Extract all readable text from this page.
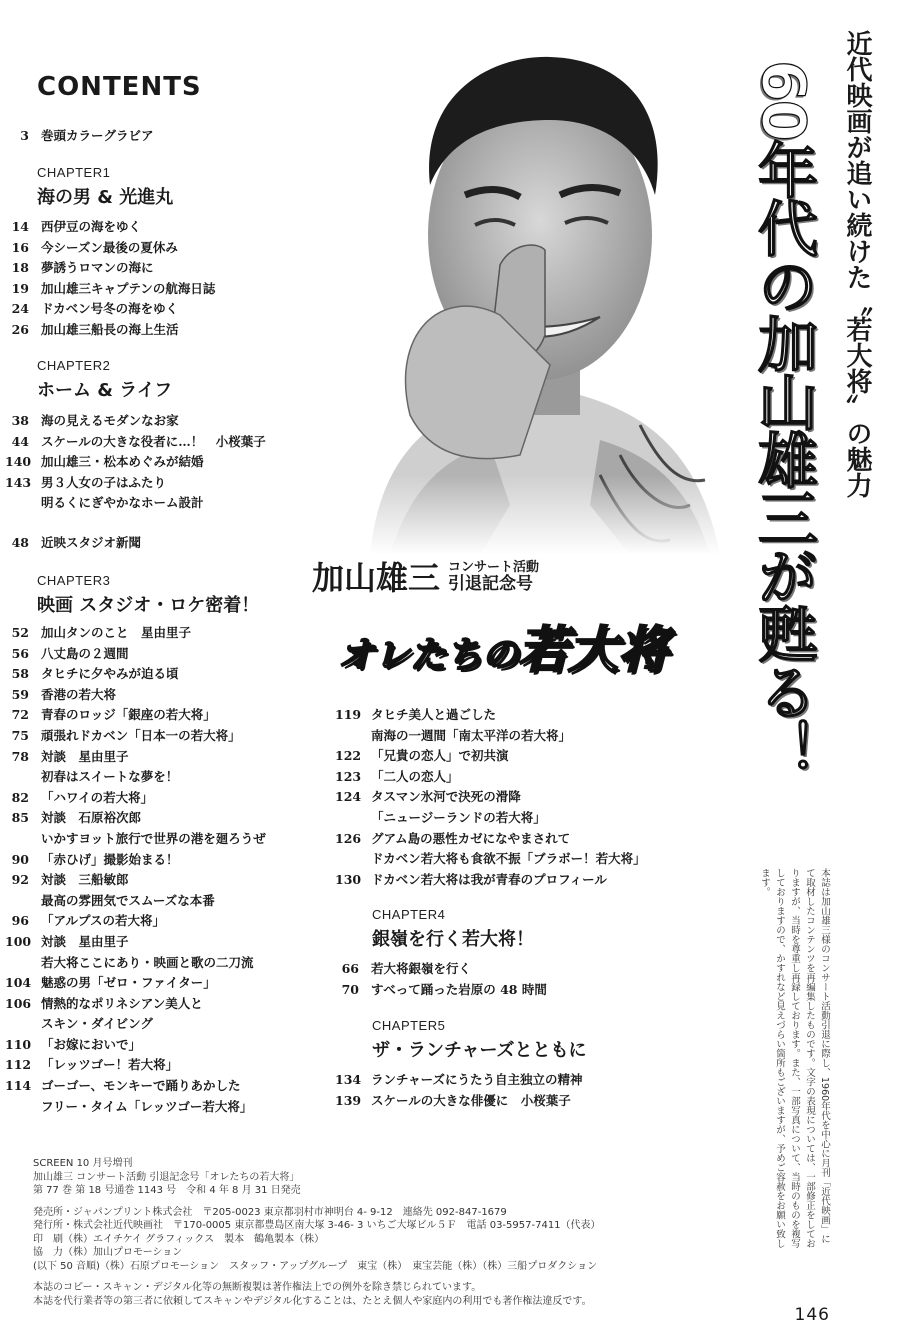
CONTENTS
3 巻頭カラーグラビア
CHAPTER1
海の男 & 光進丸
14 西伊豆の海をゆく
16 今シーズン最後の夏休み
18 夢誘うロマンの海に
19 加山雄三キャプテンの航海日誌
24 ドカベン号冬の海をゆく
26 加山雄三船長の海上生活
CHAPTER2
ホーム & ライフ
38 海の見えるモダンなお家
44 スケールの大きな役者に…！　小桜葉子
140 加山雄三・松本めぐみが結婚
143 男３人女の子はふたり
明るくにぎやかなホーム設計
48 近映スタジオ新聞
CHAPTER3
映画 スタジオ・ロケ密着！
52 加山タンのこと　星由里子
56 八丈島の２週間
58 タヒチに夕やみが迫る頃
59 香港の若大将
72 青春のロッジ「銀座の若大将」
75 頑張れドカベン「日本一の若大将」
78 対談　星由里子
初春はスイートな夢を！
82 「ハワイの若大将」
85 対談　石原裕次郎
いかすヨット旅行で世界の港を廻ろうぜ
90 「赤ひげ」撮影始まる！
92 対談　三船敏郎
最高の雰囲気でスムーズな本番
96 「アルプスの若大将」
100 対談　星由里子
若大将ここにあり・映画と歌の二刀流
104 魅惑の男「ゼロ・ファイター」
106 情熱的なポリネシアン美人と
スキン・ダイビング
110 「お嫁においで」
112 「レッツゴー！若大将」
114 ゴーゴー、モンキーで踊りあかした
フリー・タイム「レッツゴー若大将」
119 タヒチ美人と過ごした
南海の一週間「南太平洋の若大将」
122 「兄貴の恋人」で初共演
123 「二人の恋人」
124 タスマン氷河で決死の滑降
「ニュージーランドの若大将」
126 グアム島の悪性カゼになやまされて
ドカベン若大将も食欲不振「ブラボー！若大将」
130 ドカベン若大将は我が青春のプロフィール
CHAPTER4
銀嶺を行く若大将！
66 若大将銀嶺を行く
70 すべって踊った岩原の 48 時間
CHAPTER5
ザ・ランチャーズとともに
134 ランチャーズにうたう自主独立の精神
139 スケールの大きな俳優に　小桜葉子
加山雄三 コンサート活動
引退記念号
オレたちの若大将
近代映画が追い続けた〝若大将〟の魅力
60年代の加山雄三が甦る！
本誌は加山雄三様のコンサート活動引退に際し、1960年代を中心に月刊「近代映画」にて取材したコンテンツを再編集したものです。文字の表現については、一部修正をしておりますが、当時を尊重し再録しております。また、一部写真について、当時のものを複写しておりますので、かすれなど見えづらい箇所もございますが、予めご容赦をお願い致します。
SCREEN 10 月号増刊
加山雄三 コンサート活動 引退記念号「オレたちの若大将」
第 77 巻 第 18 号通巻 1143 号　令和 4 年 8 月 31 日発売
発売所・ジャパンプリント株式会社　〒205-0023 東京都羽村市神明台 4- 9-12　連絡先 092-847-1679
発行所・株式会社近代映画社　〒170-0005 東京都豊島区南大塚 3-46- 3 いちご大塚ビル５Ｆ　電話 03-5957-7411（代表）
印　刷（株）エイチケイ グラフィックス　製本　鶴亀製本（株）
協　力（株）加山プロモーション
(以下 50 音順)（株）石原プロモーション　スタッフ・アップグループ　東宝（株）　東宝芸能（株）（株）三船プロダクション
本誌のコピー・スキャン・デジタル化等の無断複製は著作権法上での例外を除き禁じられています。
本誌を代行業者等の第三者に依頼してスキャンやデジタル化することは、たとえ個人や家庭内の利用でも著作権法違反です。
146
